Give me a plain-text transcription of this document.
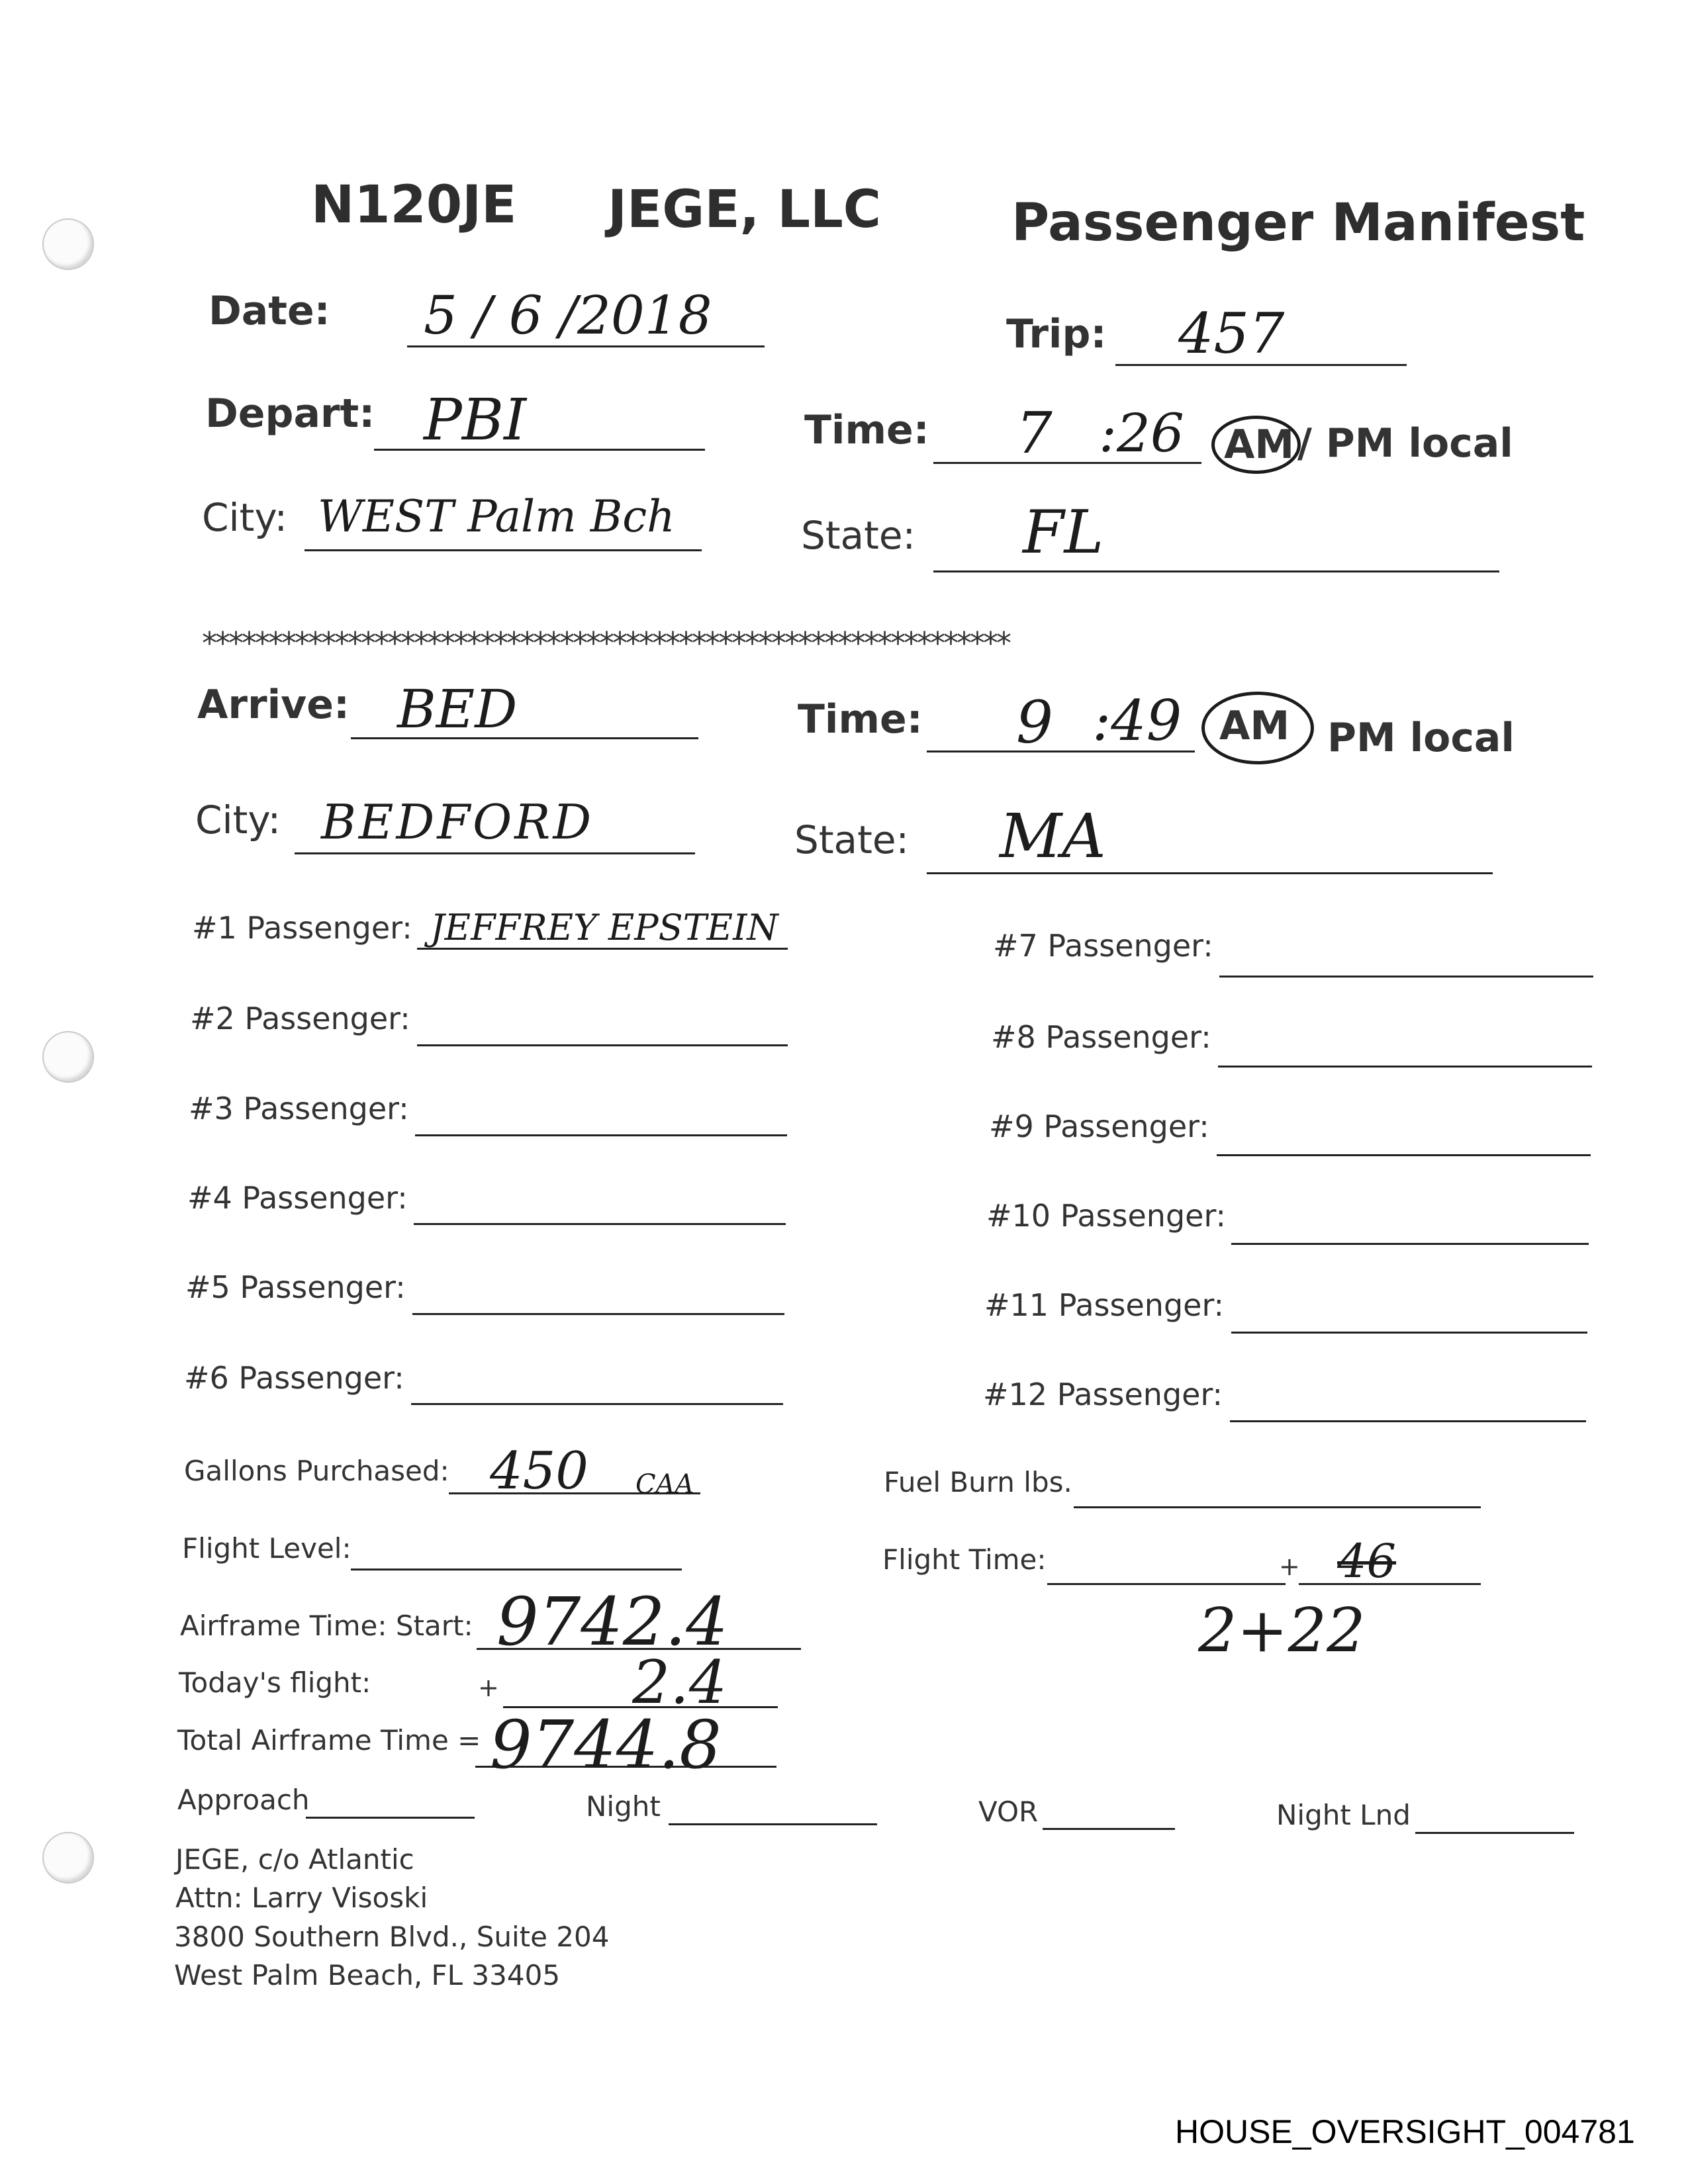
N120JE JEGE, LLC	Passenger Manifest
Date: 5 / 6 /2018	Trip: 457
Depart: PBI	Time: 7 :26 AM / PM local
City: WEST Palm Bch	State: FL
*************************************************************
Arrive: BED	Time: 9 :49 AM PM local
City: BEDFORD	State: MA
#1 Passenger: JEFFREY EPSTEIN
#2 Passenger:
#3 Passenger:
#4 Passenger:
#5 Passenger:
#6 Passenger:
#7 Passenger:
#8 Passenger:
#9 Passenger:
#10 Passenger:
#11 Passenger:
#12 Passenger:
Gallons Purchased: 450 CAA	Fuel Burn lbs.
Flight Level:	Flight Time:	+ 46
2+22
Airframe Time: Start: 9742.4
Today's flight:	+ 2.4
Total Airframe Time = 9744.8
Approach	Night	VOR	Night Lnd
JEGE, c/o Atlantic
Attn: Larry Visoski
3800 Southern Blvd., Suite 204
West Palm Beach, FL 33405
HOUSE_OVERSIGHT_004781
